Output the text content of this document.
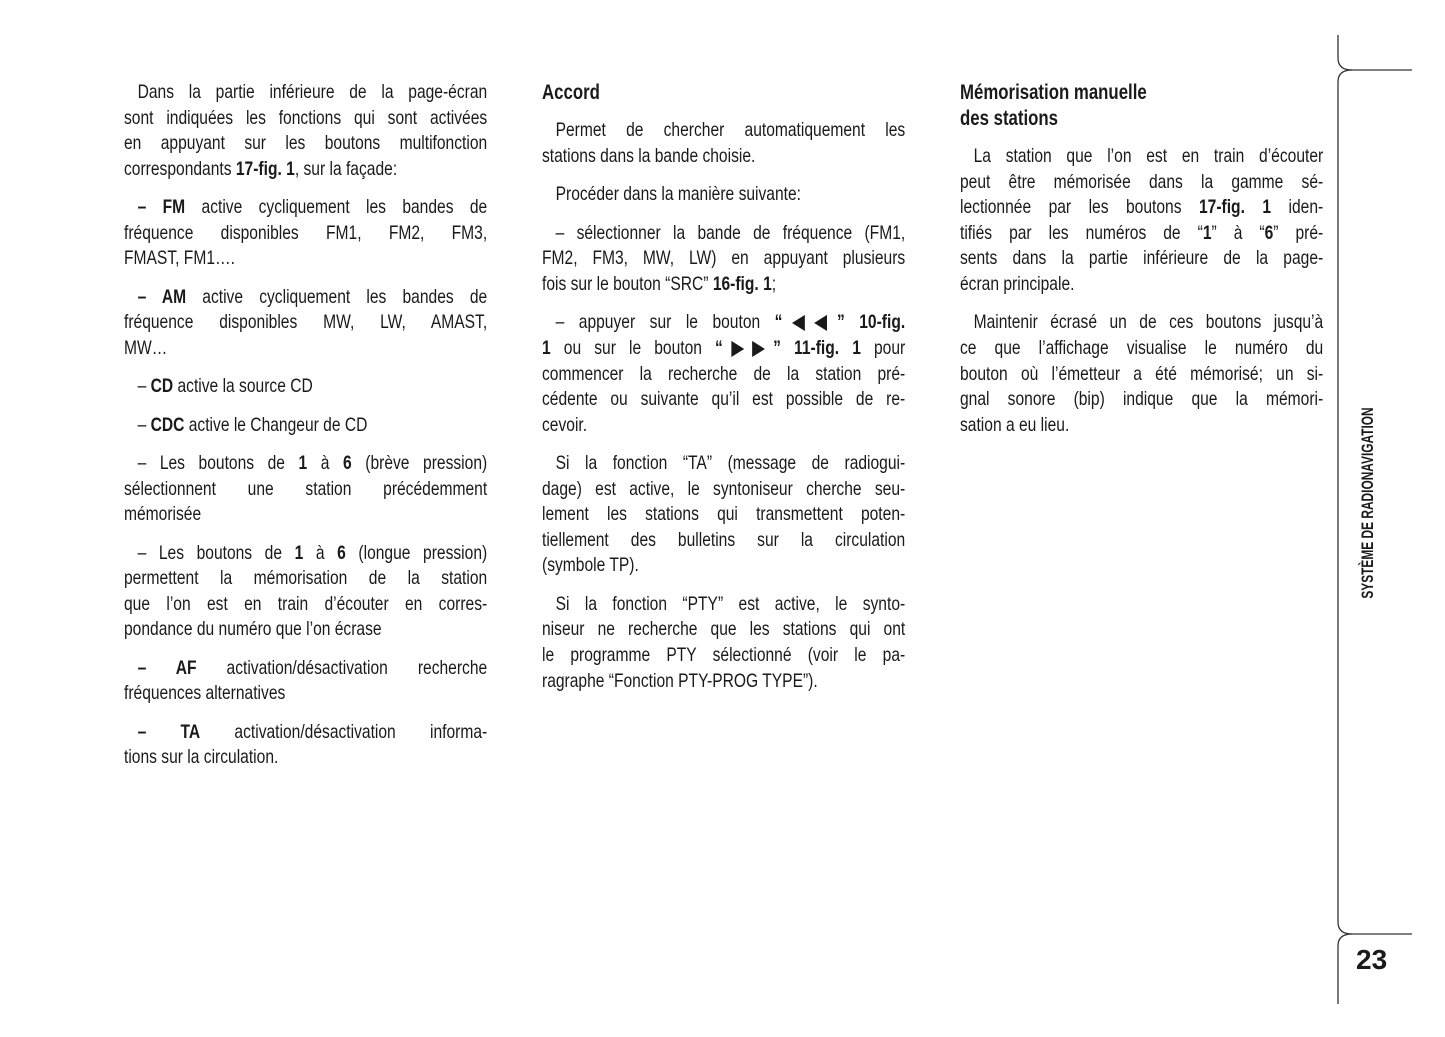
Dans la partie inférieure de la page-écran
sont indiquées les fonctions qui sont activées
en appuyant sur les boutons multifonction
correspondants 17-fig. 1, sur la façade:
– FM active cycliquement les bandes de
fréquence disponibles FM1, FM2, FM3,
FMAST, FM1….
– AM active cycliquement les bandes de
fréquence disponibles MW, LW, AMAST,
MW…
– CD active la source CD
– CDC active le Changeur de CD
– Les boutons de 1 à 6 (brève pression)
sélectionnent une station précédemment
mémorisée
– Les boutons de 1 à 6 (longue pression)
permettent la mémorisation de la station
que l’on est en train d’écouter en corres-
pondance du numéro que l’on écrase
– AF activation/désactivation recherche
fréquences alternatives
– TA activation/désactivation informa-
tions sur la circulation.
Accord
Permet de chercher automatiquement les
stations dans la bande choisie.
Procéder dans la manière suivante:
– sélectionner la bande de fréquence (FM1,
FM2, FM3, MW, LW) en appuyant plusieurs
fois sur le bouton “SRC” 16-fig. 1;
– appuyer sur le bouton “◀◀” 10-fig.
1 ou sur le bouton “▶▶” 11-fig. 1 pour
commencer la recherche de la station pré-
cédente ou suivante qu’il est possible de re-
cevoir.
Si la fonction “TA” (message de radiogui-
dage) est active, le syntoniseur cherche seu-
lement les stations qui transmettent poten-
tiellement des bulletins sur la circulation
(symbole TP).
Si la fonction “PTY” est active, le synto-
niseur ne recherche que les stations qui ont
le programme PTY sélectionné (voir le pa-
ragraphe “Fonction PTY-PROG TYPE”).
Mémorisation manuelle
des stations
La station que l’on est en train d’écouter
peut être mémorisée dans la gamme sé-
lectionnée par les boutons 17-fig. 1 iden-
tifiés par les numéros de “1” à “6” pré-
sents dans la partie inférieure de la page-
écran principale.
Maintenir écrasé un de ces boutons jusqu’à
ce que l’affichage visualise le numéro du
bouton où l’émetteur a été mémorisé; un si-
gnal sonore (bip) indique que la mémori-
sation a eu lieu.	SYSTÈME DE RADIONAVIGATION
23
